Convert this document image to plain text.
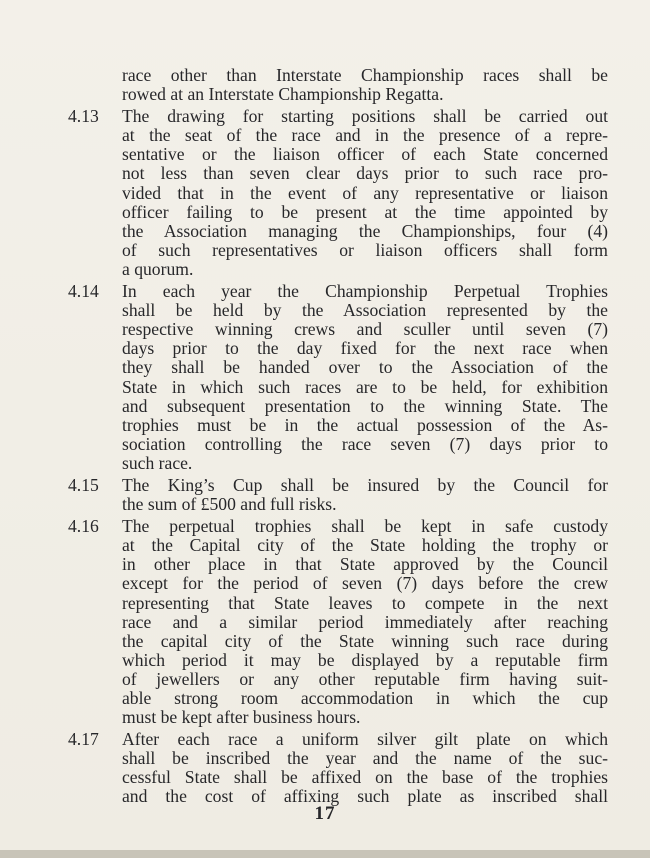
race other than Interstate Championship races shall be
rowed at an Interstate Championship Regatta.
4.13	The drawing for starting positions shall be carried out
at the seat of the race and in the presence of a repre-
sentative or the liaison officer of each State concerned
not less than seven clear days prior to such race pro-
vided that in the event of any representative or liaison
officer failing to be present at the time appointed by
the Association managing the Championships, four (4)
of such representatives or liaison officers shall form
a quorum.
4.14	In each year the Championship Perpetual Trophies
shall be held by the Association represented by the
respective winning crews and sculler until seven (7)
days prior to the day fixed for the next race when
they shall be handed over to the Association of the
State in which such races are to be held, for exhibition
and subsequent presentation to the winning State. The
trophies must be in the actual possession of the As-
sociation controlling the race seven (7) days prior to
such race.
4.15	The King’s Cup shall be insured by the Council for
the sum of £500 and full risks.
4.16	The perpetual trophies shall be kept in safe custody
at the Capital city of the State holding the trophy or
in other place in that State approved by the Council
except for the period of seven (7) days before the crew
representing that State leaves to compete in the next
race and a similar period immediately after reaching
the capital city of the State winning such race during
which period it may be displayed by a reputable firm
of jewellers or any other reputable firm having suit-
able strong room accommodation in which the cup
must be kept after business hours.
4.17	After each race a uniform silver gilt plate on which
shall be inscribed the year and the name of the suc-
cessful State shall be affixed on the base of the trophies
and the cost of affixing such plate as inscribed shall
17
